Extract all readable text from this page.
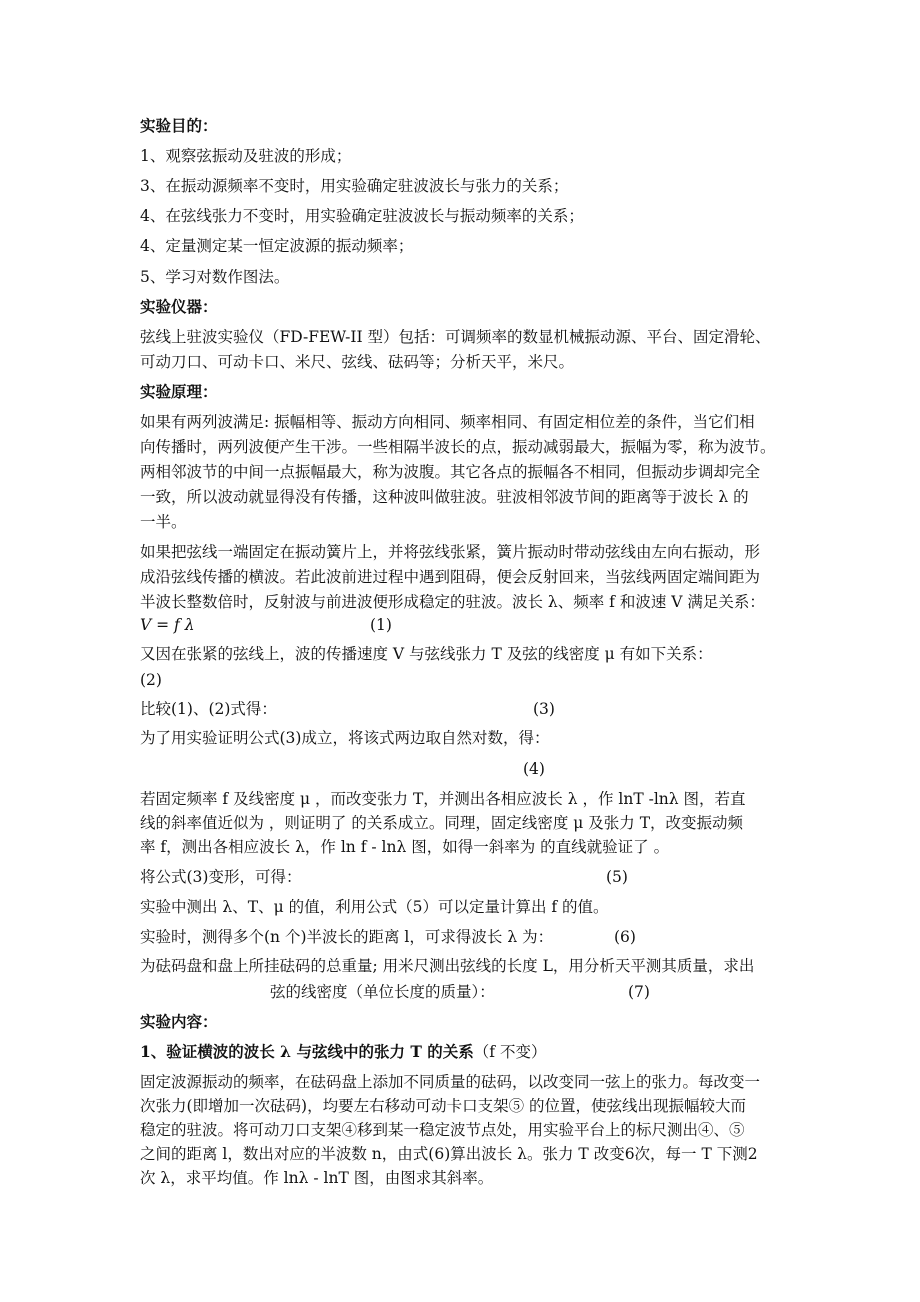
实验目的：
1、观察弦振动及驻波的形成；
3、在振动源频率不变时，用实验确定驻波波长与张力的关系；
4、在弦线张力不变时，用实验确定驻波波长与振动频率的关系；
4、定量测定某一恒定波源的振动频率；
5、学习对数作图法。
实验仪器：
弦线上驻波实验仪（FD-FEW-II 型）包括：可调频率的数显机械振动源、平台、固定滑轮、
可动刀口、可动卡口、米尺、弦线、砝码等；分析天平，米尺。
实验原理：
如果有两列波满足: 振幅相等、振动方向相同、频率相同、有固定相位差的条件，当它们相
向传播时，两列波便产生干涉。一些相隔半波长的点，振动减弱最大，振幅为零，称为波节。
两相邻波节的中间一点振幅最大，称为波腹。其它各点的振幅各不相同，但振动步调却完全
一致，所以波动就显得没有传播，这种波叫做驻波。驻波相邻波节间的距离等于波长 λ 的
一半。
如果把弦线一端固定在振动簧片上，并将弦线张紧，簧片振动时带动弦线由左向右振动，形
成沿弦线传播的横波。若此波前进过程中遇到阻碍，便会反射回来，当弦线两固定端间距为
半波长整数倍时，反射波与前进波便形成稳定的驻波。波长 λ、频率 f 和波速 V 满足关系：
V = f λ	(1)
又因在张紧的弦线上，波的传播速度 V 与弦线张力 T 及弦的线密度 μ 有如下关系：
(2)
比较(1)、(2)式得：	(3)
为了用实验证明公式(3)成立，将该式两边取自然对数，得：
(4)
若固定频率 f 及线密度 μ ，而改变张力 T，并测出各相应波长 λ ，作 lnT -lnλ 图，若直
线的斜率值近似为 ，则证明了 的关系成立。同理，固定线密度 μ 及张力 T，改变振动频
率 f，测出各相应波长 λ，作 ln f - lnλ 图，如得一斜率为 的直线就验证了 。
将公式(3)变形，可得：	(5)
实验中测出 λ、T、μ 的值，利用公式（5）可以定量计算出 f 的值。
实验时，测得多个(n 个)半波长的距离 l，可求得波长 λ 为：	(6)
为砝码盘和盘上所挂砝码的总重量; 用米尺测出弦线的长度 L，用分析天平测其质量，求出
弦的线密度（单位长度的质量）：	(7)
实验内容：
1、验证横波的波长 λ 与弦线中的张力 T 的关系（f 不变）
固定波源振动的频率，在砝码盘上添加不同质量的砝码，以改变同一弦上的张力。每改变一
次张力(即增加一次砝码)，均要左右移动可动卡口支架⑤ 的位置，使弦线出现振幅较大而
稳定的驻波。将可动刀口支架④移到某一稳定波节点处，用实验平台上的标尺测出④、⑤
之间的距离 l，数出对应的半波数 n，由式(6)算出波长 λ。张力 T 改变6次，每一 T 下测2
次 λ，求平均值。作 lnλ - lnT 图，由图求其斜率。
